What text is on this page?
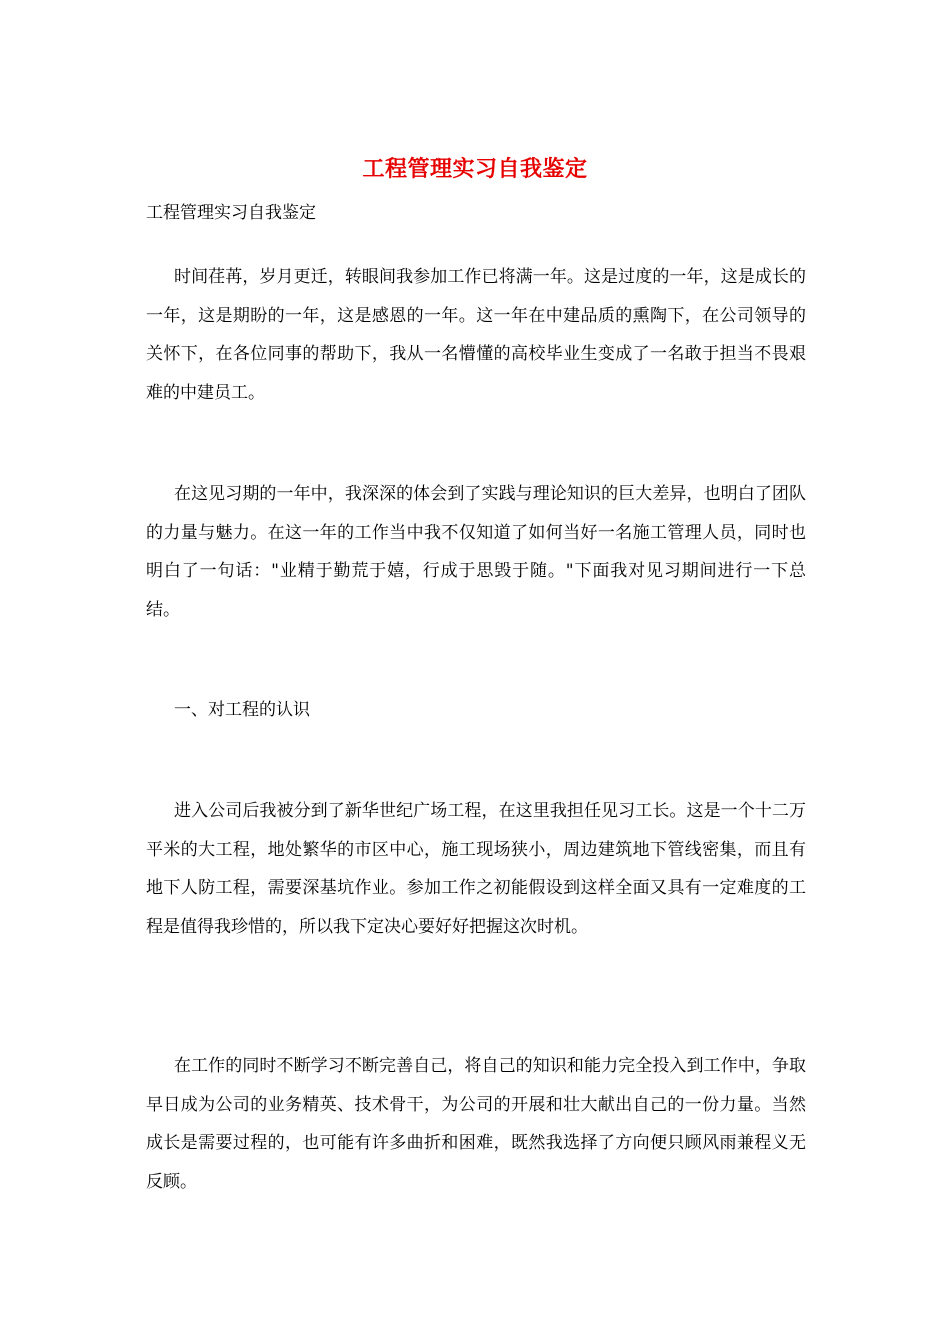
工程管理实习自我鉴定

工程管理实习自我鉴定

时间荏苒，岁月更迁，转眼间我参加工作已将满一年。这是过度的一年，这是成长的一年，这是期盼的一年，这是感恩的一年。这一年在中建品质的熏陶下，在公司领导的关怀下，在各位同事的帮助下，我从一名懵懂的高校毕业生变成了一名敢于担当不畏艰难的中建员工。

在这见习期的一年中，我深深的体会到了实践与理论知识的巨大差异，也明白了团队的力量与魅力。在这一年的工作当中我不仅知道了如何当好一名施工管理人员，同时也明白了一句话："业精于勤荒于嬉，行成于思毁于随。"下面我对见习期间进行一下总结。

一、对工程的认识

进入公司后我被分到了新华世纪广场工程，在这里我担任见习工长。这是一个十二万平米的大工程，地处繁华的市区中心，施工现场狭小，周边建筑地下管线密集，而且有地下人防工程，需要深基坑作业。参加工作之初能假设到这样全面又具有一定难度的工程是值得我珍惜的，所以我下定决心要好好把握这次时机。

在工作的同时不断学习不断完善自己，将自己的知识和能力完全投入到工作中，争取早日成为公司的业务精英、技术骨干，为公司的开展和壮大献出自己的一份力量。当然成长是需要过程的，也可能有许多曲折和困难，既然我选择了方向便只顾风雨兼程义无反顾。
